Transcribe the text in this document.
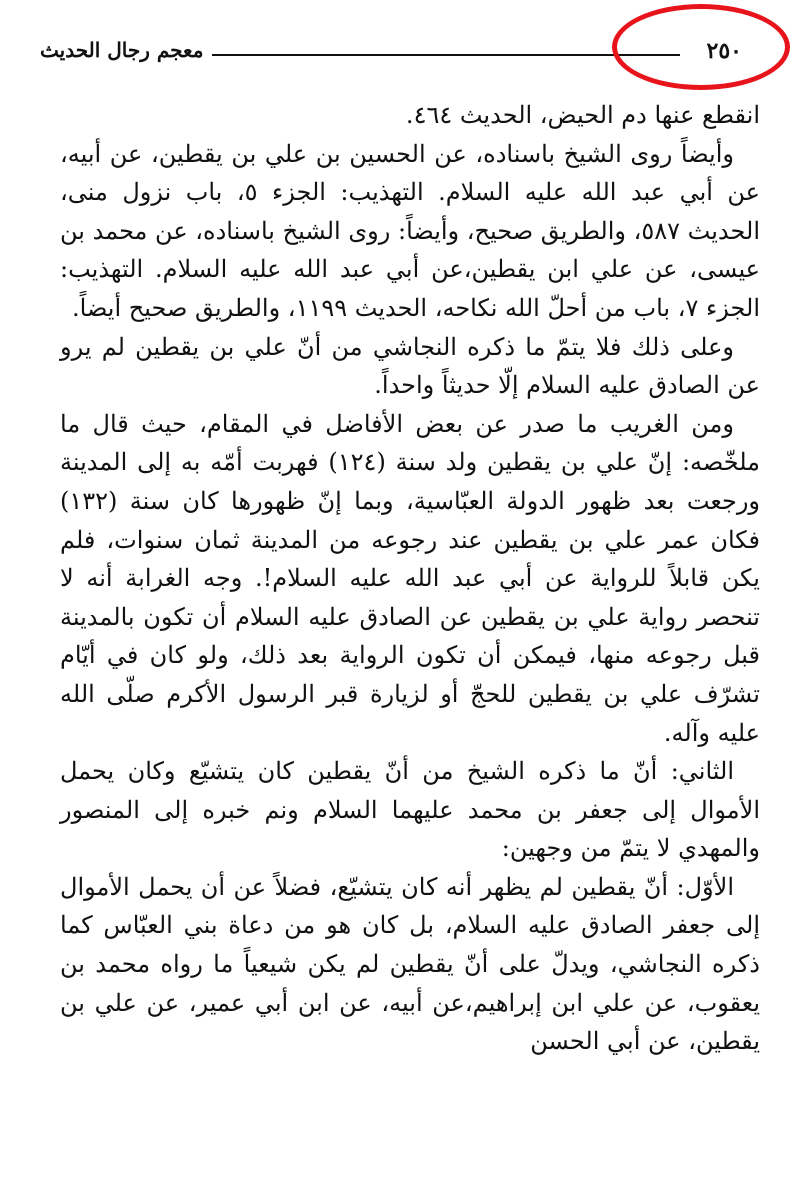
٢٥٠
معجم رجال الحديث

انقطع عنها دم الحيض، الحديث ٤٦٤.

وأيضاً روى الشيخ باسناده، عن الحسين بن علي بن يقطين، عن أبيه، عن أبي عبد الله عليه السلام. التهذيب: الجزء ٥، باب نزول منى، الحديث ٥٨٧، والطريق صحيح، وأيضاً: روى الشيخ باسناده، عن محمد بن عيسى، عن علي ابن يقطين،عن أبي عبد الله عليه السلام. التهذيب: الجزء ٧، باب من أحلّ الله نكاحه، الحديث ١١٩٩، والطريق صحيح أيضاً.

وعلى ذلك فلا يتمّ ما ذكره النجاشي من أنّ علي بن يقطين لم يرو عن الصادق عليه السلام إلّا حديثاً واحداً.

ومن الغريب ما صدر عن بعض الأفاضل في المقام، حيث قال ما ملخّصه: إنّ علي بن يقطين ولد سنة (١٢٤) فهربت أمّه به إلى المدينة ورجعت بعد ظهور الدولة العبّاسية، وبما إنّ ظهورها كان سنة (١٣٢) فكان عمر علي بن يقطين عند رجوعه من المدينة ثمان سنوات، فلم يكن قابلاً للرواية عن أبي عبد الله عليه السلام!. وجه الغرابة أنه لا تنحصر رواية علي بن يقطين عن الصادق عليه السلام أن تكون بالمدينة قبل رجوعه منها، فيمكن أن تكون الرواية بعد ذلك، ولو كان في أيّام تشرّف علي بن يقطين للحجّ أو لزيارة قبر الرسول الأكرم صلّى الله عليه وآله.

الثاني: أنّ ما ذكره الشيخ من أنّ يقطين كان يتشيّع وكان يحمل الأموال إلى جعفر بن محمد عليهما السلام ونم خبره إلى المنصور والمهدي لا يتمّ من وجهين:

الأوّل: أنّ يقطين لم يظهر أنه كان يتشيّع، فضلاً عن أن يحمل الأموال إلى جعفر الصادق عليه السلام، بل كان هو من دعاة بني العبّاس كما ذكره النجاشي، ويدلّ على أنّ يقطين لم يكن شيعياً ما رواه محمد بن يعقوب، عن علي ابن إبراهيم،عن أبيه، عن ابن أبي عمير، عن علي بن يقطين، عن أبي الحسن
